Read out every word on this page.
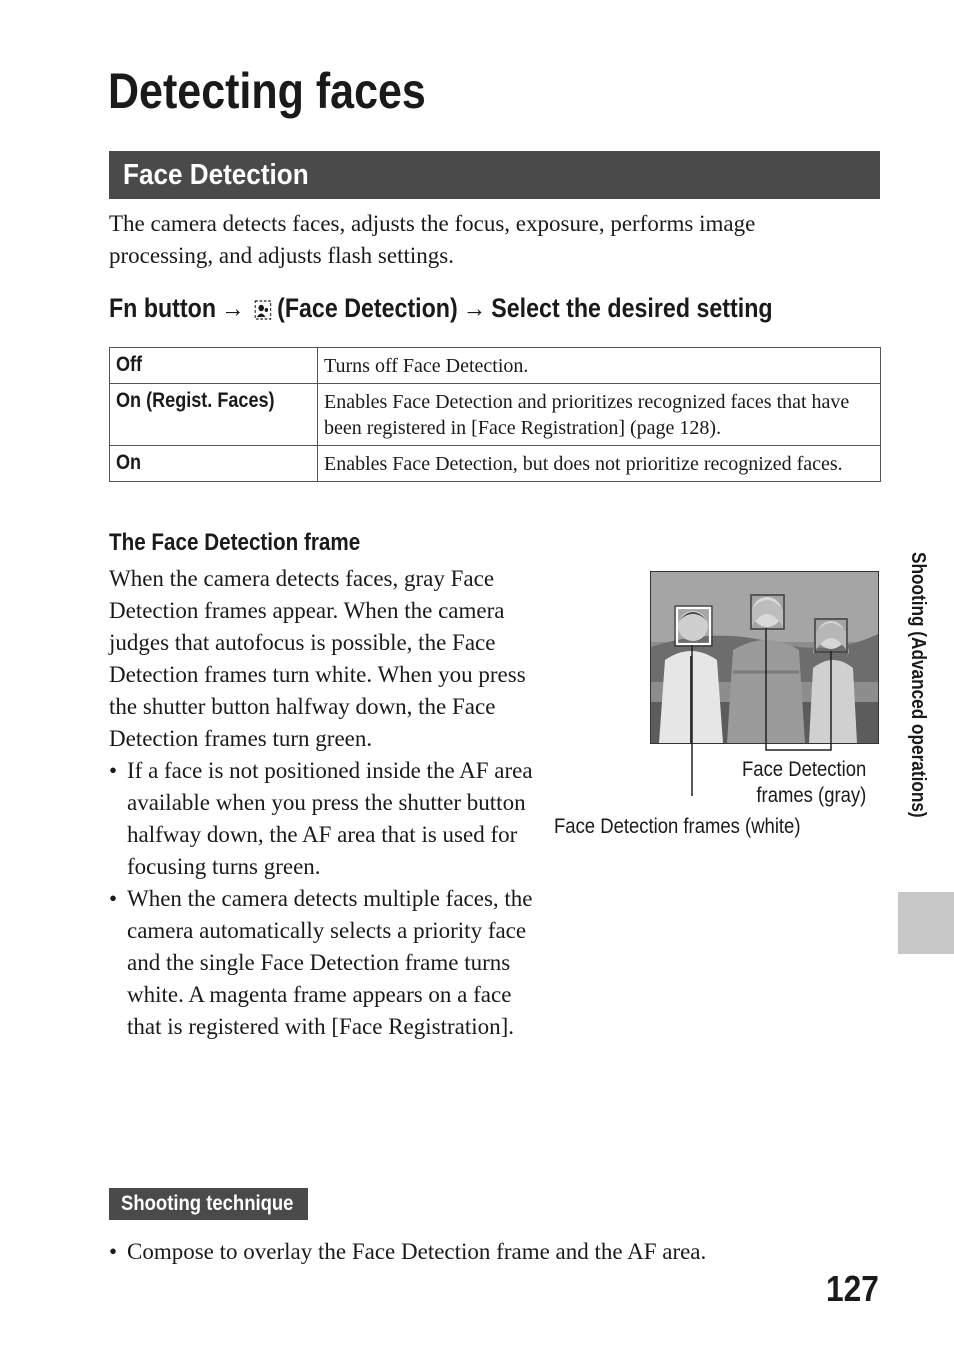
Detecting faces
Face Detection
The camera detects faces, adjusts the focus, exposure, performs image processing, and adjusts flash settings.
Fn button → (Face Detection) → Select the desired setting
Off	Turns off Face Detection.
On (Regist. Faces)	Enables Face Detection and prioritizes recognized faces that have been registered in [Face Registration] (page 128).
On	Enables Face Detection, but does not prioritize recognized faces.
The Face Detection frame

When the camera detects faces, gray Face Detection frames appear. When the camera judges that autofocus is possible, the Face Detection frames turn white. When you press the shutter button halfway down, the Face Detection frames turn green.

• If a face is not positioned inside the AF area available when you press the shutter button halfway down, the AF area that is used for focusing turns green.
• When the camera detects multiple faces, the camera automatically selects a priority face and the single Face Detection frame turns white. A magenta frame appears on a face that is registered with [Face Registration].
Face Detection
frames (gray)
Face Detection frames (white)
Shooting (Advanced operations)
Shooting technique
• Compose to overlay the Face Detection frame and the AF area.
127
